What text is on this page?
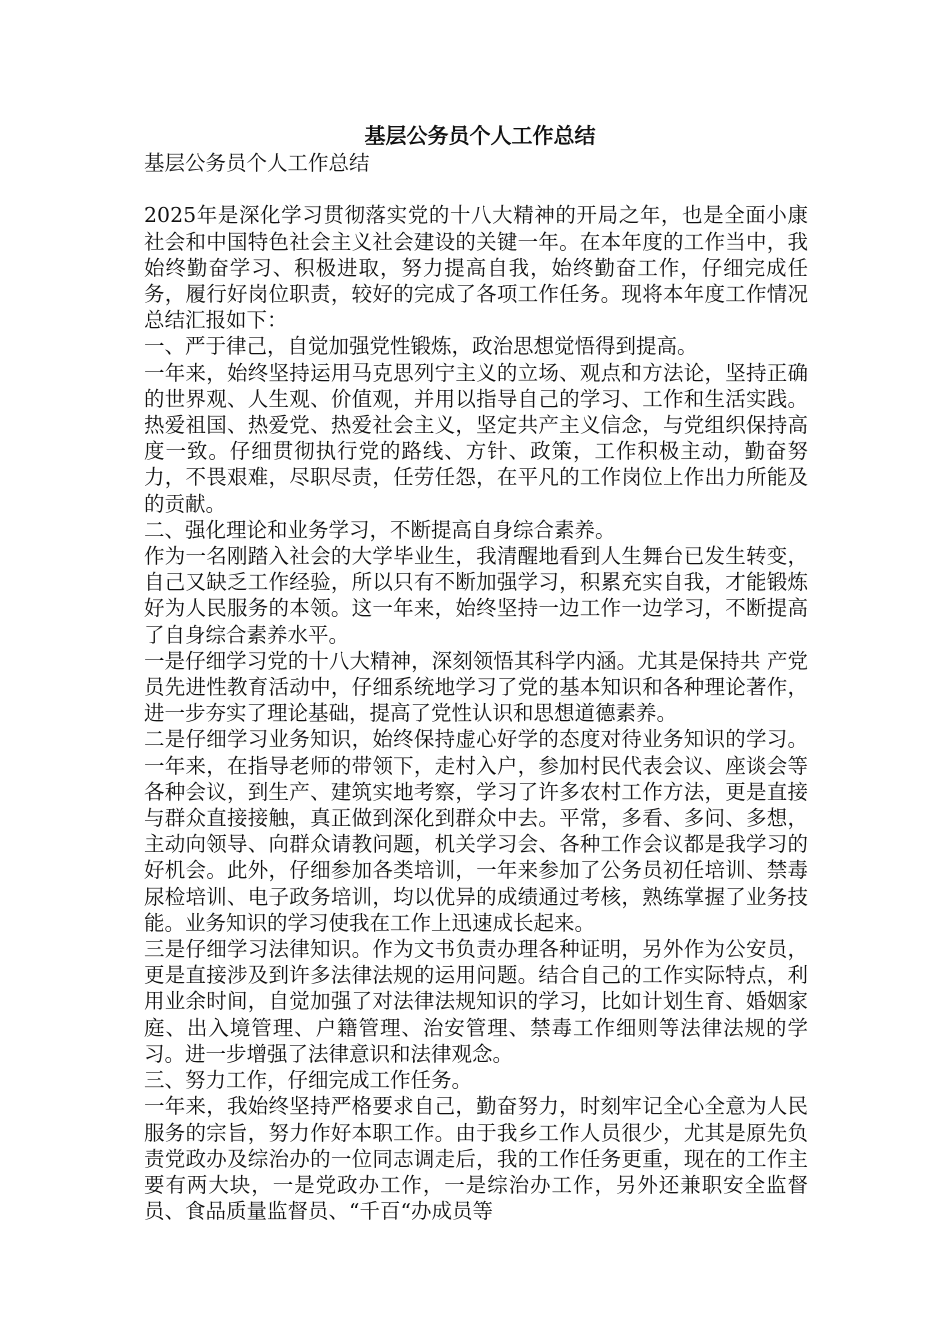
基层公务员个人工作总结

基层公务员个人工作总结

2025年是深化学习贯彻落实党的十八大精神的开局之年，也是全面小康社会和中国特色社会主义社会建设的关键一年。在本年度的工作当中，我始终勤奋学习、积极进取，努力提高自我，始终勤奋工作，仔细完成任务，履行好岗位职责，较好的完成了各项工作任务。现将本年度工作情况总结汇报如下：

一、严于律己，自觉加强党性锻炼，政治思想觉悟得到提高。

一年来，始终坚持运用马克思列宁主义的立场、观点和方法论，坚持正确的世界观、人生观、价值观，并用以指导自己的学习、工作和生活实践。热爱祖国、热爱党、热爱社会主义，坚定共产主义信念，与党组织保持高度一致。仔细贯彻执行党的路线、方针、政策，工作积极主动，勤奋努力，不畏艰难，尽职尽责，任劳任怨，在平凡的工作岗位上作出力所能及的贡献。

二、强化理论和业务学习，不断提高自身综合素养。

作为一名刚踏入社会的大学毕业生，我清醒地看到人生舞台已发生转变，自己又缺乏工作经验，所以只有不断加强学习，积累充实自我，才能锻炼好为人民服务的本领。这一年来，始终坚持一边工作一边学习，不断提高了自身综合素养水平。

一是仔细学习党的十八大精神，深刻领悟其科学内涵。尤其是保持共 产党员先进性教育活动中，仔细系统地学习了党的基本知识和各种理论著作，进一步夯实了理论基础，提高了党性认识和思想道德素养。

二是仔细学习业务知识，始终保持虚心好学的态度对待业务知识的学习。一年来，在指导老师的带领下，走村入户，参加村民代表会议、座谈会等各种会议，到生产、建筑实地考察，学习了许多农村工作方法，更是直接与群众直接接触，真正做到深化到群众中去。平常，多看、多问、多想，主动向领导、向群众请教问题，机关学习会、各种工作会议都是我学习的好机会。此外，仔细参加各类培训，一年来参加了公务员初任培训、禁毒尿检培训、电子政务培训，均以优异的成绩通过考核，熟练掌握了业务技能。业务知识的学习使我在工作上迅速成长起来。

三是仔细学习法律知识。作为文书负责办理各种证明，另外作为公安员，更是直接涉及到许多法律法规的运用问题。结合自己的工作实际特点，利用业余时间，自觉加强了对法律法规知识的学习，比如计划生育、婚姻家庭、出入境管理、户籍管理、治安管理、禁毒工作细则等法律法规的学习。进一步增强了法律意识和法律观念。

三、努力工作，仔细完成工作任务。

一年来，我始终坚持严格要求自己，勤奋努力，时刻牢记全心全意为人民服务的宗旨，努力作好本职工作。由于我乡工作人员很少，尤其是原先负责党政办及综治办的一位同志调走后，我的工作任务更重，现在的工作主要有两大块，一是党政办工作，一是综治办工作，另外还兼职安全监督员、食品质量监督员、“千百“办成员等
